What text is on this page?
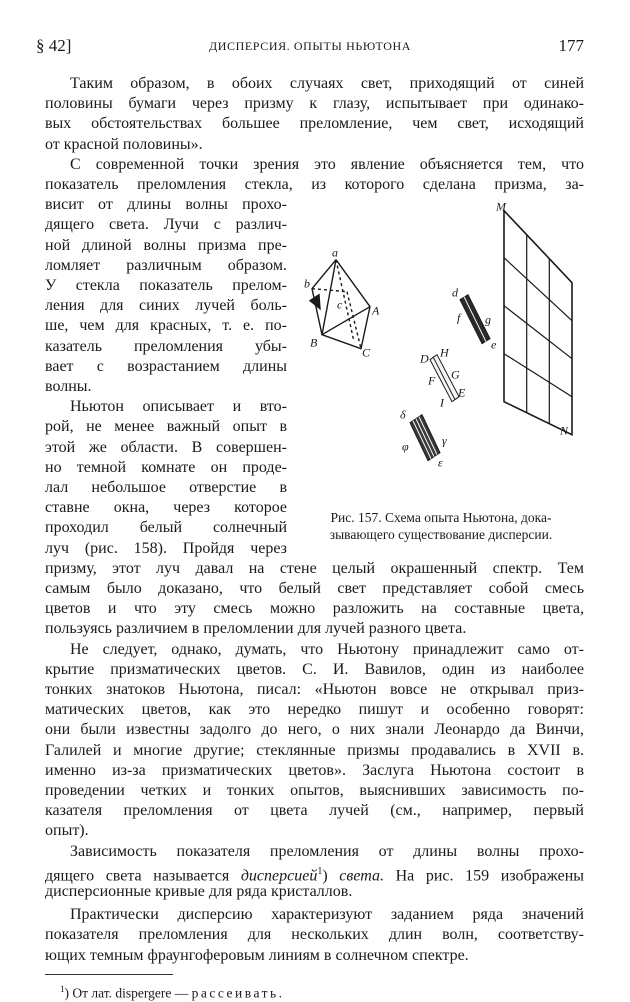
§ 42]	ДИСПЕРСИЯ. ОПЫТЫ НЬЮТОНА	177
Таким образом, в обоих случаях свет, приходящий от синей
половины бумаги через призму к глазу, испытывает при одинако-
вых обстоятельствах большее преломление, чем свет, исходящий
от красной половины».
С современной точки зрения это явление объясняется тем, что
показатель преломления стекла, из которого сделана призма, за-
висит от длины волны прохо-
дящего света. Лучи с различ-
ной длиной волны призма пре-
ломляет различным образом.
У стекла показатель прелом-
ления для синих лучей боль-
ше, чем для красных, т. е. по-
казатель преломления убы-
вает с возрастанием длины
волны.
Ньютон описывает и вто-
рой, не менее важный опыт в
этой же области. В совершен-
но темной комнате он проде-
лал небольшое отверстие в
ставне окна, через которое
проходил белый солнечный
луч (рис. 158). Пройдя через
призму, этот луч давал на стене целый окрашенный спектр. Тем
самым было доказано, что белый свет представляет собой смесь
цветов и что эту смесь можно разложить на составные цвета,
пользуясь различием в преломлении для лучей разного цвета.
Не следует, однако, думать, что Ньютону принадлежит само от-
крытие призматических цветов. С. И. Вавилов, один из наиболее
тонких знатоков Ньютона, писал: «Ньютон вовсе не открывал приз-
матических цветов, как это нередко пишут и особенно говорят:
они были известны задолго до него, о них знали Леонардо да Винчи,
Галилей и многие другие; стеклянные призмы продавались в XVII в.
именно из-за призматических цветов». Заслуга Ньютона состоит в
проведении четких и тонких опытов, выяснивших зависимость по-
казателя преломления от цвета лучей (см., например, первый
a
b
c A
B
C
M
N
d
f g
e
D H
F G
I
E
δ
φ	γ
ε
Рис. 157. Схема опыта Ньютона, дока-
зывающего существование дисперсии.
опыт).
Зависимость показателя преломления от длины волны прохо-
дящего света называется дисперсией$^1$) света. На рис. 159 изображены
дисперсионные кривые для ряда кристаллов.
Практически дисперсию характеризуют заданием ряда значений
показателя преломления для нескольких длин волн, соответству-
ющих темным фраунгоферовым линиям в солнечном спектре.
$^1$) От лат. dispergere — рассеивать.
